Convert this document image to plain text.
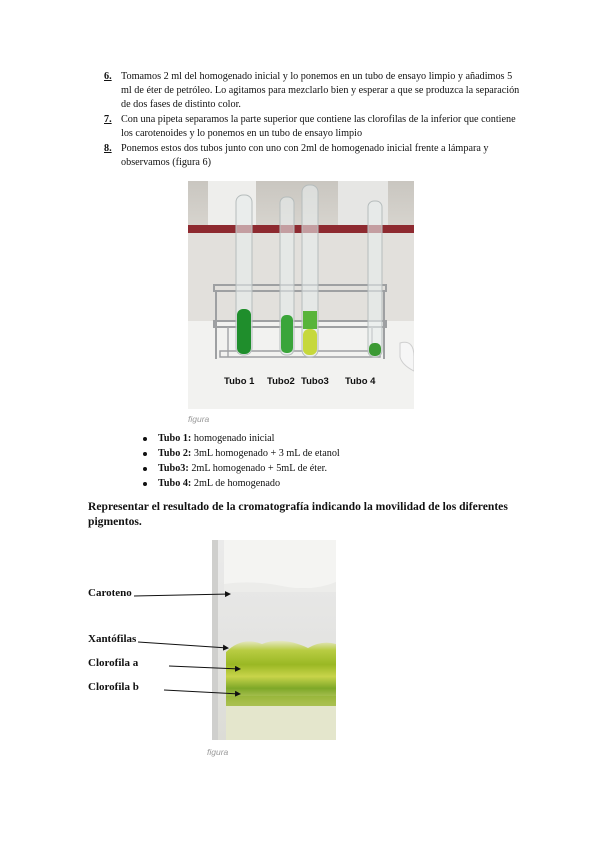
6. Tomamos 2 ml del homogenado inicial y lo ponemos en un tubo de ensayo limpio y añadimos 5 ml de éter de petróleo. Lo agitamos para mezclarlo bien y esperar a que se produzca la separación de dos fases de distinto color.
7. Con una pipeta separamos la parte superior que contiene las clorofilas de la inferior que contiene los carotenoides y lo ponemos en un tubo de ensayo limpio
8. Ponemos estos dos tubos junto con uno con 2ml de homogenado inicial frente a lámpara y observamos (figura 6)
Tubo 1 Tubo2 Tubo3 Tubo 4
figura
Tubo 1: homogenado inicial
Tubo 2: 3mL homogenado + 3 mL de etanol
Tubo3: 2mL homogenado + 5mL de éter.
Tubo 4: 2mL de homogenado
Representar el resultado de la cromatografía indicando la movilidad de los diferentes pigmentos.
figura
Caroteno
Xantófilas
Clorofila a
Clorofila b
